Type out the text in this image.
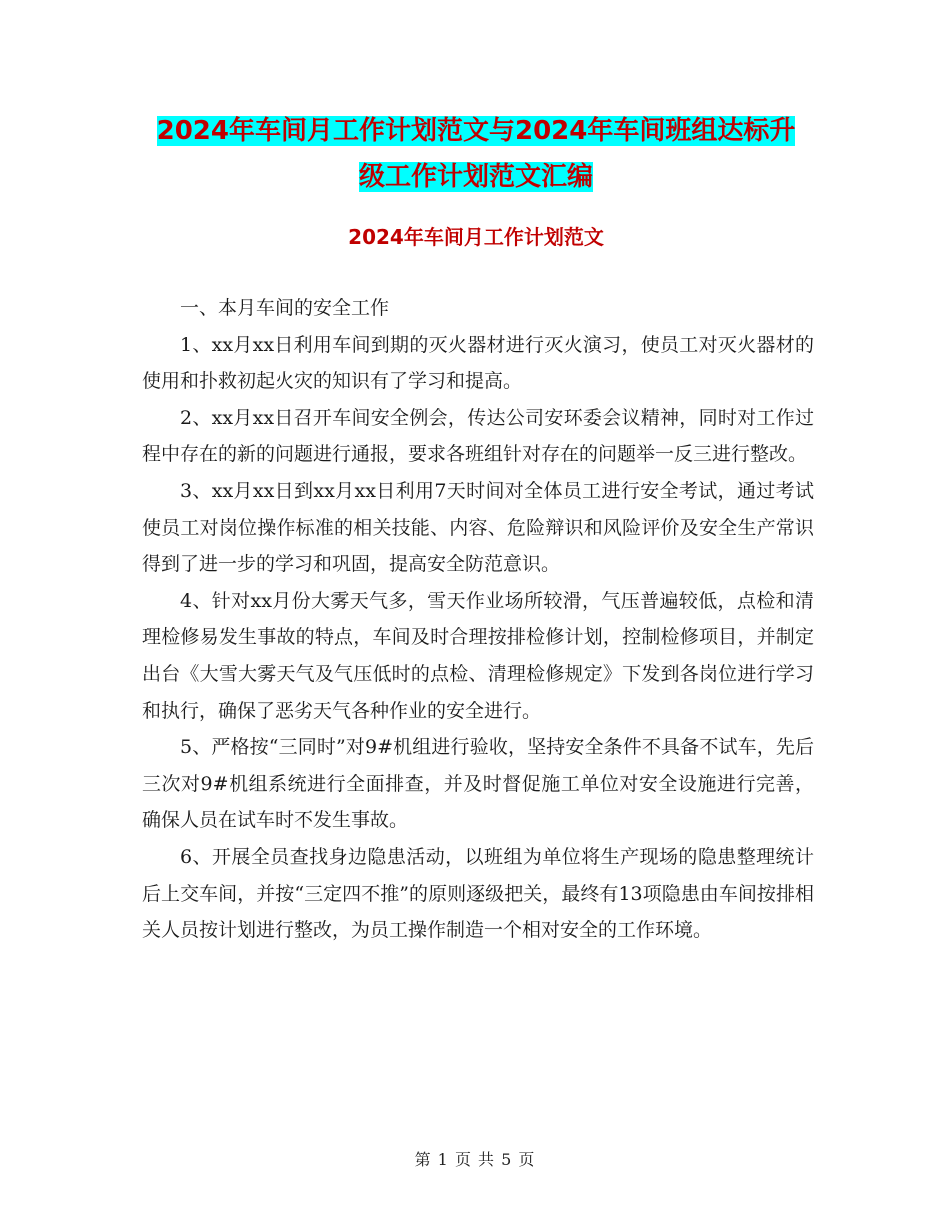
2024年车间月工作计划范文与2024年车间班组达标升
级工作计划范文汇编
2024年车间月工作计划范文

一、本月车间的安全工作

1、xx月xx日利用车间到期的灭火器材进行灭火演习，使员工对灭火器材的使用和扑救初起火灾的知识有了学习和提高。

2、xx月xx日召开车间安全例会，传达公司安环委会议精神，同时对工作过程中存在的新的问题进行通报，要求各班组针对存在的问题举一反三进行整改。

3、xx月xx日到xx月xx日利用7天时间对全体员工进行安全考试，通过考试使员工对岗位操作标准的相关技能、内容、危险辩识和风险评价及安全生产常识得到了进一步的学习和巩固，提高安全防范意识。

4、针对xx月份大雾天气多，雪天作业场所较滑，气压普遍较低，点检和清理检修易发生事故的特点，车间及时合理按排检修计划，控制检修项目，并制定出台《大雪大雾天气及气压低时的点检、清理检修规定》下发到各岗位进行学习和执行，确保了恶劣天气各种作业的安全进行。

5、严格按“三同时”对9#机组进行验收，坚持安全条件不具备不试车，先后三次对9#机组系统进行全面排查，并及时督促施工单位对安全设施进行完善，确保人员在试车时不发生事故。

6、开展全员查找身边隐患活动，以班组为单位将生产现场的隐患整理统计后上交车间，并按“三定四不推”的原则逐级把关，最终有13项隐患由车间按排相关人员按计划进行整改，为员工操作制造一个相对安全的工作环境。

第 1 页 共 5 页
